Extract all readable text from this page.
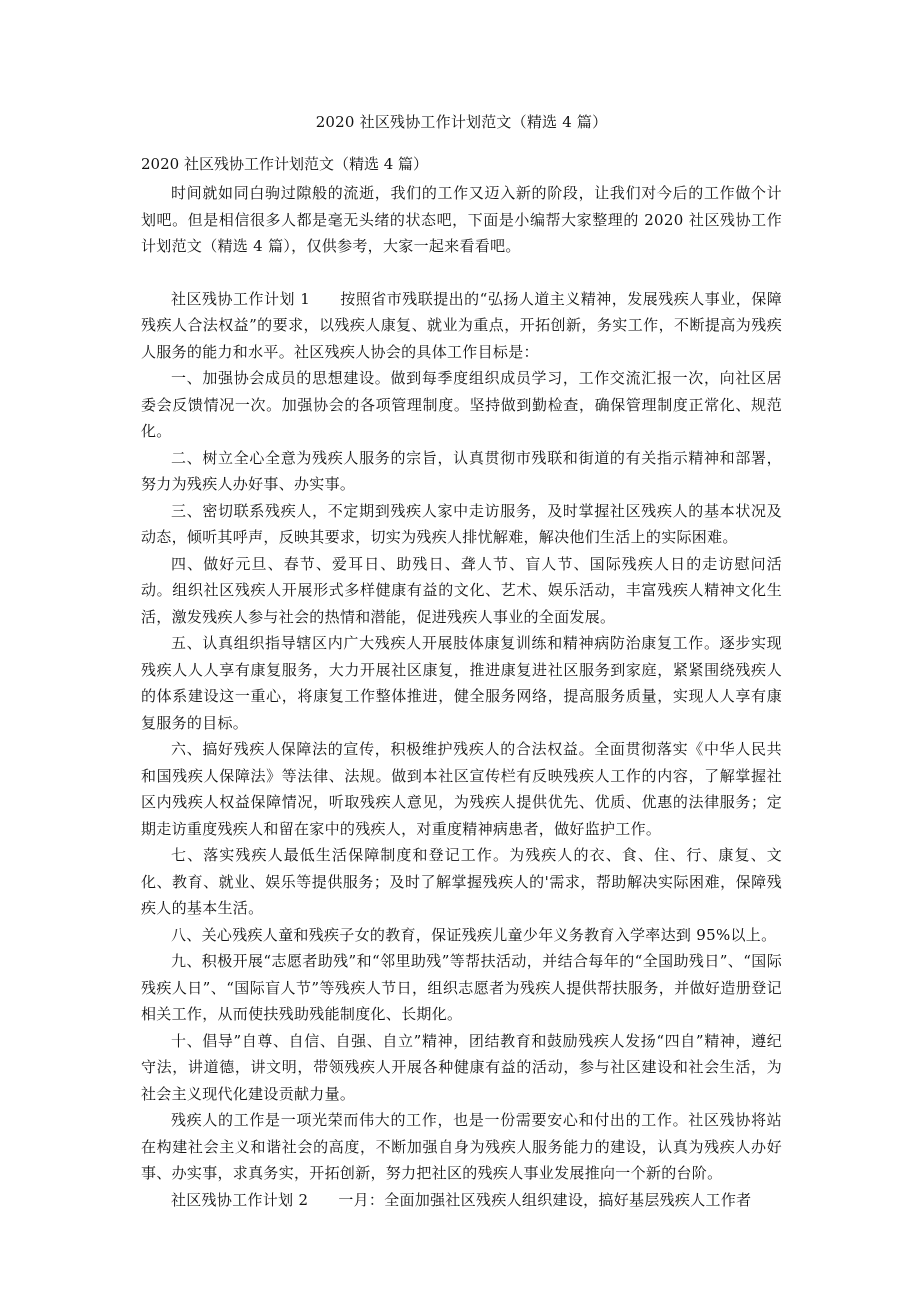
2020 社区残协工作计划范文（精选 4 篇）
2020 社区残协工作计划范文（精选 4 篇）

时间就如同白驹过隙般的流逝，我们的工作又迈入新的阶段，让我们对今后的工作做个计划吧。但是相信很多人都是毫无头绪的状态吧，下面是小编帮大家整理的 2020 社区残协工作计划范文（精选 4 篇），仅供参考，大家一起来看看吧。

社区残协工作计划 1 按照省市残联提出的“弘扬人道主义精神，发展残疾人事业，保障残疾人合法权益”的要求，以残疾人康复、就业为重点，开拓创新，务实工作，不断提高为残疾人服务的能力和水平。社区残疾人协会的具体工作目标是：

一、加强协会成员的思想建设。做到每季度组织成员学习，工作交流汇报一次，向社区居委会反馈情况一次。加强协会的各项管理制度。坚持做到勤检查，确保管理制度正常化、规范化。

二、树立全心全意为残疾人服务的宗旨，认真贯彻市残联和街道的有关指示精神和部署，努力为残疾人办好事、办实事。

三、密切联系残疾人，不定期到残疾人家中走访服务，及时掌握社区残疾人的基本状况及动态，倾听其呼声，反映其要求，切实为残疾人排忧解难，解决他们生活上的实际困难。

四、做好元旦、春节、爱耳日、助残日、聋人节、盲人节、国际残疾人日的走访慰问活动。组织社区残疾人开展形式多样健康有益的文化、艺术、娱乐活动，丰富残疾人精神文化生活，激发残疾人参与社会的热情和潜能，促进残疾人事业的全面发展。

五、认真组织指导辖区内广大残疾人开展肢体康复训练和精神病防治康复工作。逐步实现残疾人人人享有康复服务，大力开展社区康复，推进康复进社区服务到家庭，紧紧围绕残疾人的体系建设这一重心，将康复工作整体推进，健全服务网络，提高服务质量，实现人人享有康复服务的目标。

六、搞好残疾人保障法的宣传，积极维护残疾人的合法权益。全面贯彻落实《中华人民共和国残疾人保障法》等法律、法规。做到本社区宣传栏有反映残疾人工作的内容，了解掌握社区内残疾人权益保障情况，听取残疾人意见，为残疾人提供优先、优质、优惠的法律服务；定期走访重度残疾人和留在家中的残疾人，对重度精神病患者，做好监护工作。

七、落实残疾人最低生活保障制度和登记工作。为残疾人的衣、食、住、行、康复、文化、教育、就业、娱乐等提供服务；及时了解掌握残疾人的'需求，帮助解决实际困难，保障残疾人的基本生活。

八、关心残疾人童和残疾子女的教育，保证残疾儿童少年义务教育入学率达到 95%以上。

九、积极开展“志愿者助残”和“邻里助残”等帮扶活动，并结合每年的“全国助残日”、“国际残疾人日”、“国际盲人节”等残疾人节日，组织志愿者为残疾人提供帮扶服务，并做好造册登记相关工作，从而使扶残助残能制度化、长期化。

十、倡导”自尊、自信、自强、自立”精神，团结教育和鼓励残疾人发扬“四自”精神，遵纪守法，讲道德，讲文明，带领残疾人开展各种健康有益的活动，参与社区建设和社会生活，为社会主义现代化建设贡献力量。

残疾人的工作是一项光荣而伟大的工作，也是一份需要安心和付出的工作。社区残协将站在构建社会主义和谐社会的高度，不断加强自身为残疾人服务能力的建设，认真为残疾人办好事、办实事，求真务实，开拓创新，努力把社区的残疾人事业发展推向一个新的台阶。

社区残协工作计划 2 一月：全面加强社区残疾人组织建设，搞好基层残疾人工作者
